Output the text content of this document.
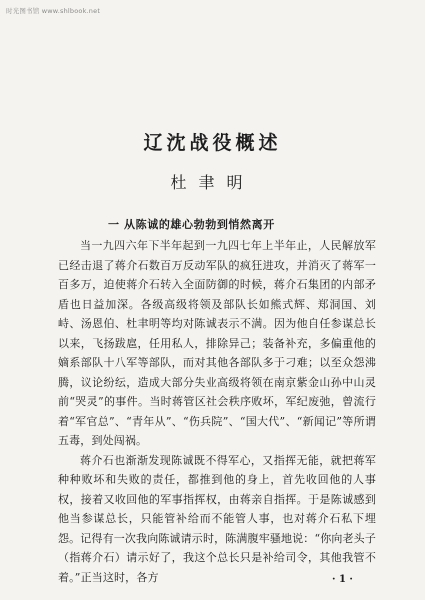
时光图书馆 www.shlbook.net
辽沈战役概述
杜聿明
一 从陈诚的雄心勃勃到悄然离开

当一九四六年下半年起到一九四七年上半年止，人民解放军已经击退了蒋介石数百万反动军队的疯狂进攻，并消灭了蒋军一百多万，迫使蒋介石转入全面防御的时候，蒋介石集团的内部矛盾也日益加深。各级高级将领及部队长如熊式辉、郑洞国、刘峙、汤恩伯、杜聿明等均对陈诚表示不满。因为他自任参谋总长以来，飞扬跋扈，任用私人，排除异己；装备补充，多偏重他的嫡系部队十八军等部队，而对其他各部队多于刁难；以至众怨沸腾，议论纷纭，造成大部分失业高级将领在南京紫金山孙中山灵前“哭灵”的事件。当时蒋管区社会秩序败坏，军纪废弛，曾流行着“军官总”、“青年从”、“伤兵院”、“国大代”、“新闻记”等所谓五毒，到处闯祸。

蒋介石也渐渐发现陈诚既不得军心，又指挥无能，就把蒋军种种败坏和失败的责任，都推到他的身上，首先收回他的人事权，接着又收回他的军事指挥权，由蒋亲自指挥。于是陈诚感到他当参谋总长，只能管补给而不能管人事，也对蒋介石私下埋怨。记得有一次我向陈诚请示时，陈满腹牢骚地说：“你向老头子（指蒋介石）请示好了，我这个总长只是补给司令，其他我管不着。”正当这时，各方	· 1 ·
